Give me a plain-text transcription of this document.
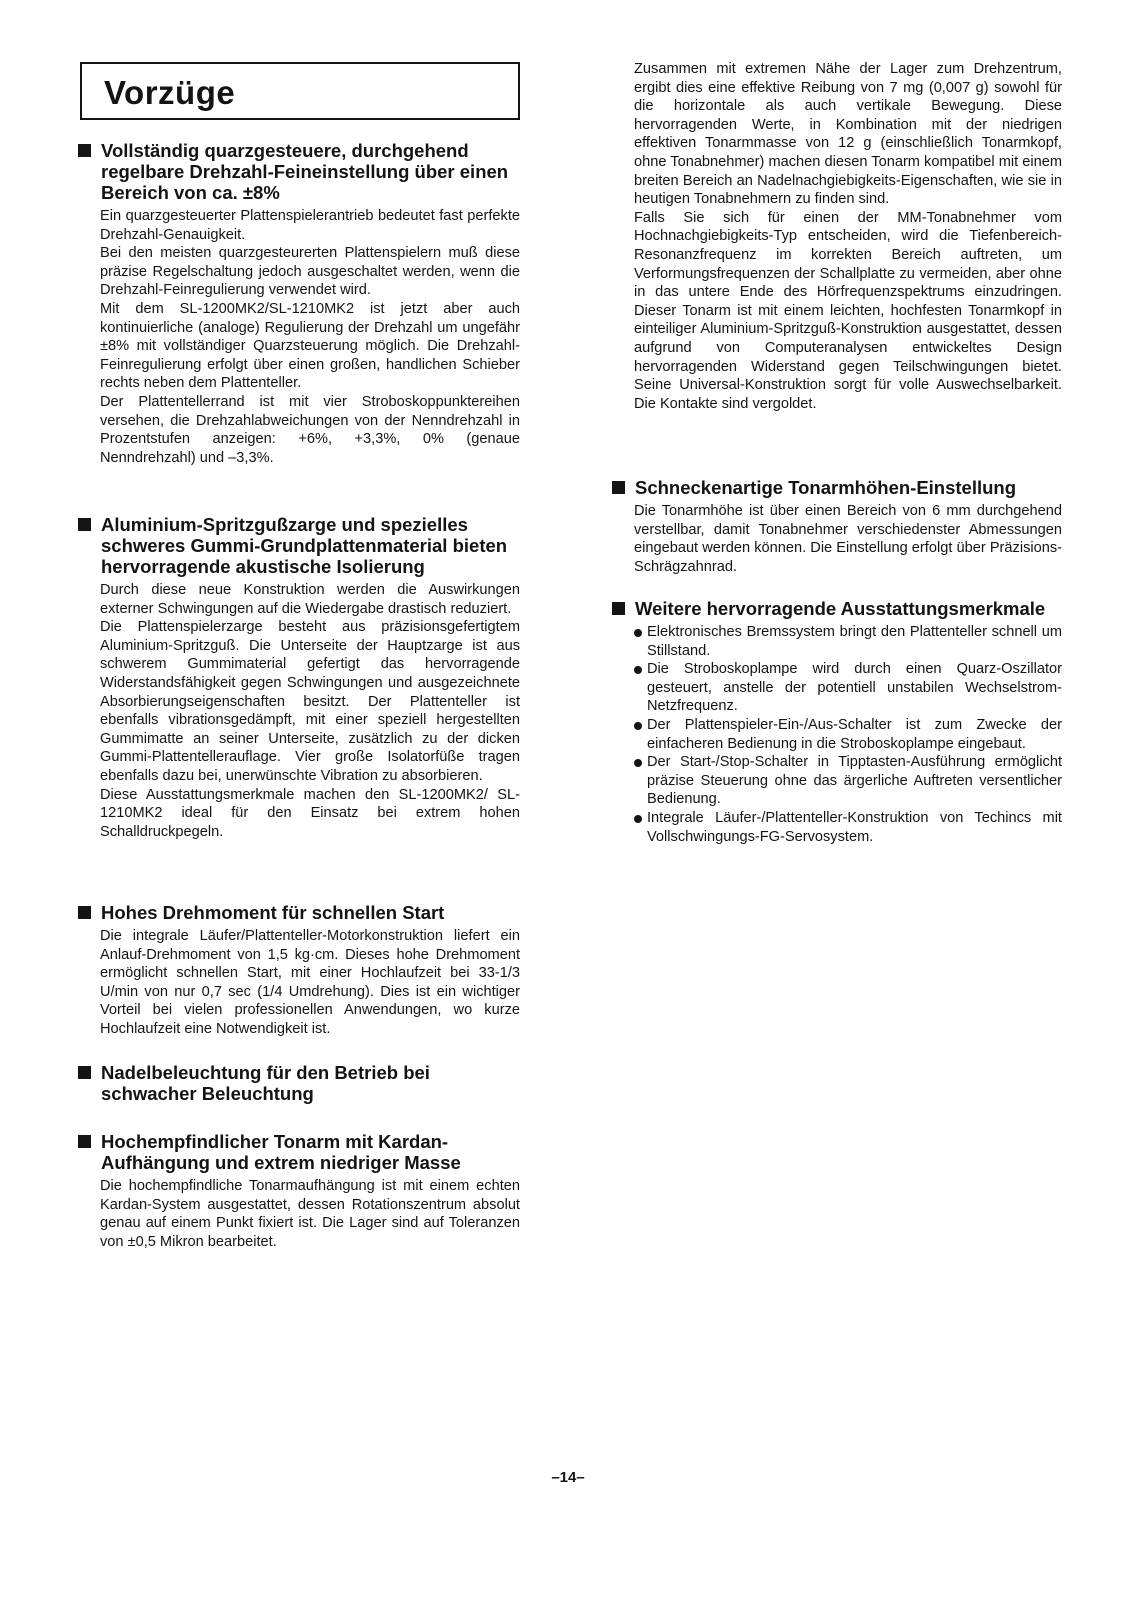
Vorzüge
Vollständig quarzgesteuere, durchgehend regelbare Drehzahl-Feineinstellung über einen Bereich von ca. ±8%

Ein quarzgesteuerter Plattenspielerantrieb bedeutet fast perfekte Drehzahl-Genauigkeit.

Bei den meisten quarzgesteurerten Plattenspielern muß diese präzise Regelschaltung jedoch ausgeschaltet werden, wenn die Drehzahl-Feinregulierung verwendet wird.

Mit dem SL-1200MK2/SL-1210MK2 ist jetzt aber auch kontinuierliche (analoge) Regulierung der Drehzahl um ungefähr ±8% mit vollständiger Quarzsteuerung möglich. Die Drehzahl-Feinregulierung erfolgt über einen großen, handlichen Schieber rechts neben dem Plattenteller.

Der Plattentellerrand ist mit vier Stroboskoppunktereihen versehen, die Drehzahlabweichungen von der Nenndrehzahl in Prozentstufen anzeigen: +6%, +3,3%, 0% (genaue Nenndrehzahl) und –3,3%.

Aluminium-Spritzgußzarge und spezielles schweres Gummi-Grundplattenmaterial bieten hervorragende akustische Isolierung

Durch diese neue Konstruktion werden die Auswirkungen externer Schwingungen auf die Wiedergabe drastisch reduziert.

Die Plattenspielerzarge besteht aus präzisionsgefertigtem Aluminium-Spritzguß. Die Unterseite der Hauptzarge ist aus schwerem Gummimaterial gefertigt das hervorragende Widerstandsfähigkeit gegen Schwingungen und ausgezeichnete Absorbierungseigenschaften besitzt. Der Plattenteller ist ebenfalls vibrationsgedämpft, mit einer speziell hergestellten Gummimatte an seiner Unterseite, zusätzlich zu der dicken Gummi-Plattentellerauflage. Vier große Isolatorfüße tragen ebenfalls dazu bei, unerwünschte Vibration zu absorbieren.

Diese Ausstattungsmerkmale machen den SL-1200MK2/ SL-1210MK2 ideal für den Einsatz bei extrem hohen Schalldruckpegeln.

Hohes Drehmoment für schnellen Start

Die integrale Läufer/Plattenteller-Motorkonstruktion liefert ein Anlauf-Drehmoment von 1,5 kg·cm. Dieses hohe Drehmoment ermöglicht schnellen Start, mit einer Hochlaufzeit bei 33-1/3 U/min von nur 0,7 sec (1/4 Umdrehung). Dies ist ein wichtiger Vorteil bei vielen professionellen Anwendungen, wo kurze Hochlaufzeit eine Notwendigkeit ist.

Nadelbeleuchtung für den Betrieb bei schwacher Beleuchtung
Hochempfindlicher Tonarm mit Kardan-Aufhängung und extrem niedriger Masse

Die hochempfindliche Tonarmaufhängung ist mit einem echten Kardan-System ausgestattet, dessen Rotationszentrum absolut genau auf einem Punkt fixiert ist. Die Lager sind auf Toleranzen von ±0,5 Mikron bearbeitet.

Zusammen mit extremen Nähe der Lager zum Drehzentrum, ergibt dies eine effektive Reibung von 7 mg (0,007 g) sowohl für die horizontale als auch vertikale Bewegung. Diese hervorragenden Werte, in Kombination mit der niedrigen effektiven Tonarmmasse von 12 g (einschließlich Tonarmkopf, ohne Tonabnehmer) machen diesen Tonarm kompatibel mit einem breiten Bereich an Nadelnachgiebigkeits-Eigenschaften, wie sie in heutigen Tonabnehmern zu finden sind.

Falls Sie sich für einen der MM-Tonabnehmer vom Hochnachgiebigkeits-Typ entscheiden, wird die Tiefenbereich-Resonanzfrequenz im korrekten Bereich auftreten, um Verformungsfrequenzen der Schallplatte zu vermeiden, aber ohne in das untere Ende des Hörfrequenzspektrums einzudringen. Dieser Tonarm ist mit einem leichten, hochfesten Tonarmkopf in einteiliger Aluminium-Spritzguß-Konstruktion ausgestattet, dessen aufgrund von Computeranalysen entwickeltes Design hervorragenden Widerstand gegen Teilschwingungen bietet. Seine Universal-Konstruktion sorgt für volle Auswechselbarkeit. Die Kontakte sind vergoldet.

Schneckenartige Tonarmhöhen-Einstellung

Die Tonarmhöhe ist über einen Bereich von 6 mm durchgehend verstellbar, damit Tonabnehmer verschiedenster Abmessungen eingebaut werden können. Die Einstellung erfolgt über Präzisions-Schrägzahnrad.

Weitere hervorragende Ausstattungsmerkmale
Elektronisches Bremssystem bringt den Plattenteller schnell um Stillstand.
Die Stroboskoplampe wird durch einen Quarz-Oszillator gesteuert, anstelle der potentiell unstabilen Wechselstrom-Netzfrequenz.
Der Plattenspieler-Ein-/Aus-Schalter ist zum Zwecke der einfacheren Bedienung in die Stroboskoplampe eingebaut.
Der Start-/Stop-Schalter in Tipptasten-Ausführung ermöglicht präzise Steuerung ohne das ärgerliche Auftreten versentlicher Bedienung.
Integrale Läufer-/Plattenteller-Konstruktion von Techincs mit Vollschwingungs-FG-Servosystem.
–14–
